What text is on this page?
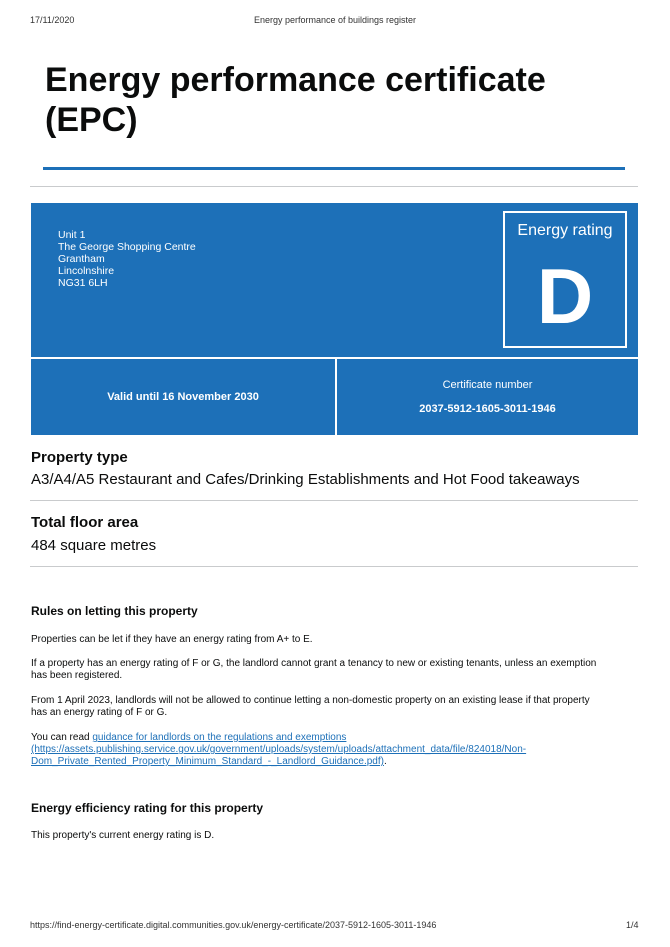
17/11/2020	Energy performance of buildings register
Energy performance certificate (EPC)
Unit 1
The George Shopping Centre
Grantham
Lincolnshire
NG31 6LH
Energy rating
D
Valid until 16 November 2030
Certificate number
2037-5912-1605-3011-1946
Property type
A3/A4/A5 Restaurant and Cafes/Drinking Establishments and Hot Food takeaways
Total floor area
484 square metres
Rules on letting this property

Properties can be let if they have an energy rating from A+ to E.

If a property has an energy rating of F or G, the landlord cannot grant a tenancy to new or existing tenants, unless an exemption has been registered.

From 1 April 2023, landlords will not be allowed to continue letting a non-domestic property on an existing lease if that property has an energy rating of F or G.

You can read guidance for landlords on the regulations and exemptions
(https://assets.publishing.service.gov.uk/government/uploads/system/uploads/attachment_data/file/824018/Non-
Dom_Private_Rented_Property_Minimum_Standard_-_Landlord_Guidance.pdf).

Energy efficiency rating for this property

This property's current energy rating is D.

https://find-energy-certificate.digital.communities.gov.uk/energy-certificate/2037-5912-1605-3011-1946	1/4
